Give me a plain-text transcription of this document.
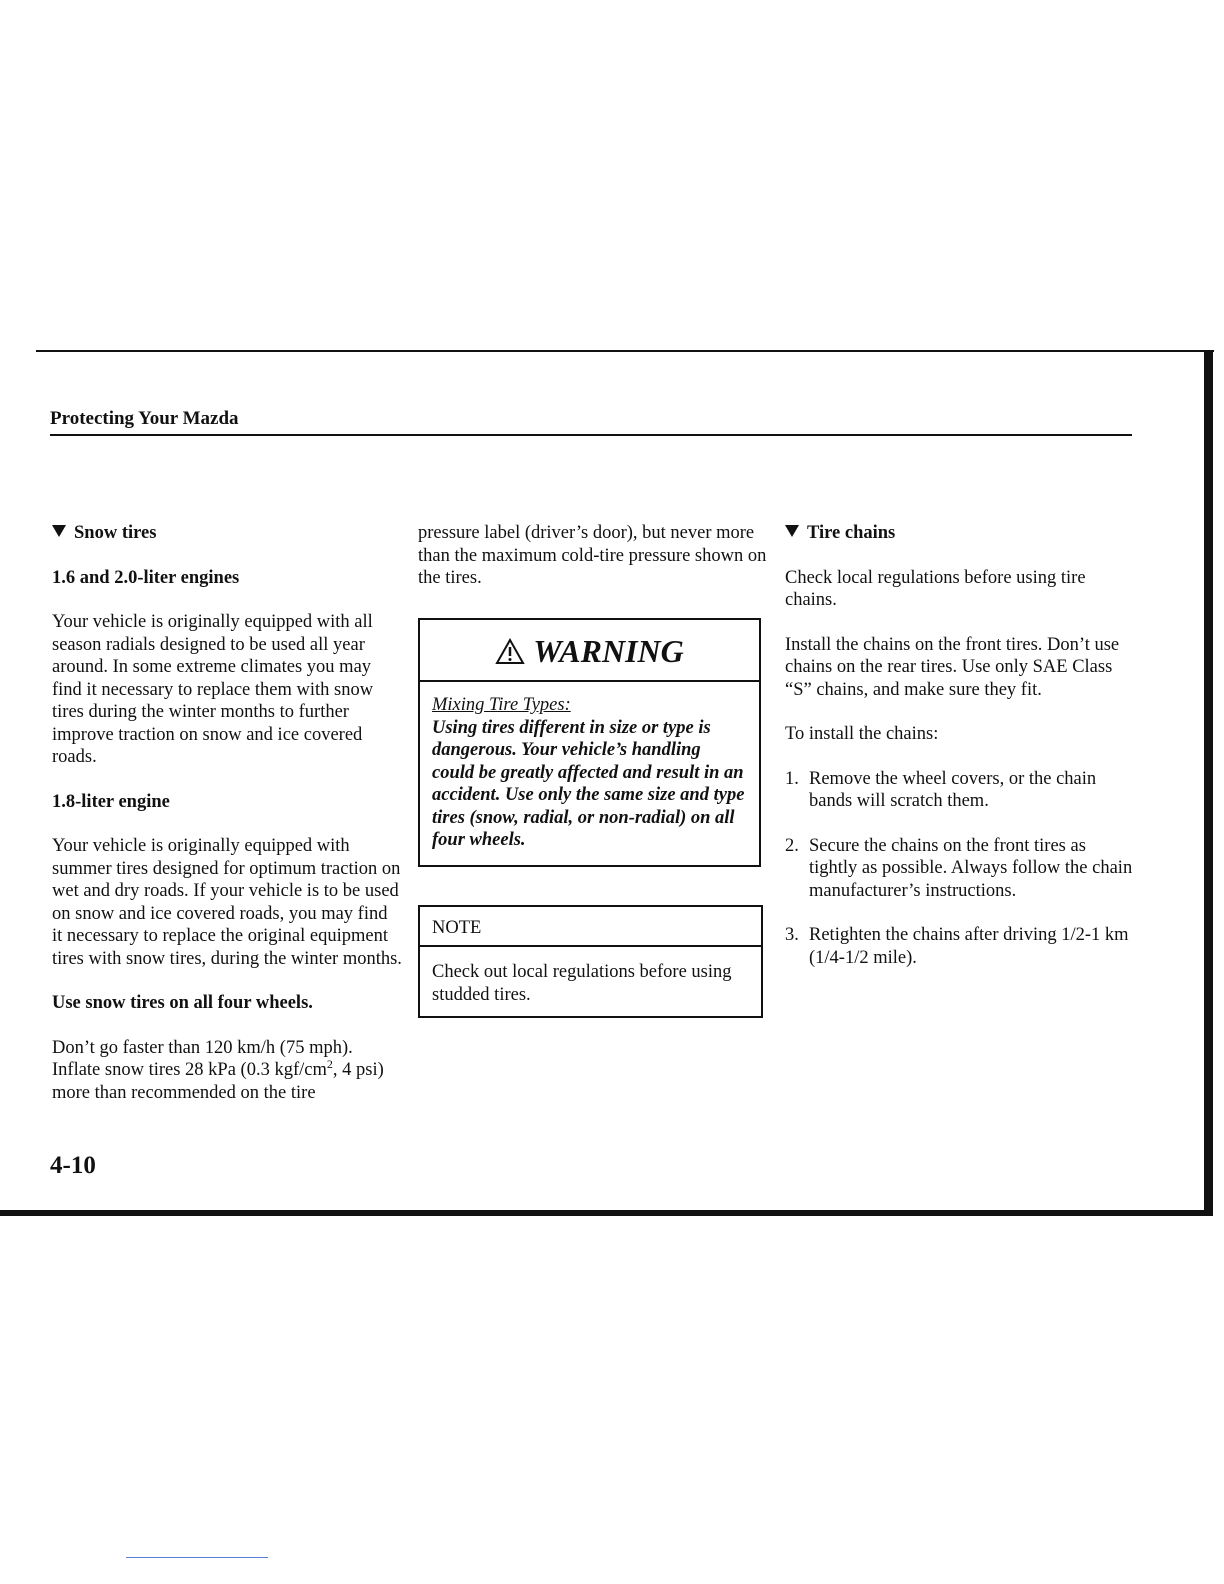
Protecting Your Mazda
Snow tires
1.6 and 2.0-liter engines

Your vehicle is originally equipped with all season radials designed to be used all year around. In some extreme climates you may find it necessary to replace them with snow tires during the winter months to further improve traction on snow and ice covered roads.

1.8-liter engine

Your vehicle is originally equipped with summer tires designed for optimum traction on wet and dry roads. If your vehicle is to be used on snow and ice covered roads, you may find it necessary to replace the original equipment tires with snow tires, during the winter months.

Use snow tires on all four wheels.

Don’t go faster than 120 km/h (75 mph). Inflate snow tires 28 kPa (0.3 kgf/$cm^2$, 4 psi) more than recommended on the tire

pressure label (driver’s door), but never more than the maximum cold-tire pressure shown on the tires.

WARNING

Mixing Tire Types:

Using tires different in size or type is dangerous. Your vehicle’s handling could be greatly affected and result in an accident. Use only the same size and type tires (snow, radial, or non-radial) on all four wheels.
NOTE
Check out local regulations before using studded tires.
Tire chains

Check local regulations before using tire chains.

Install the chains on the front tires. Don’t use chains on the rear tires. Use only SAE Class “S” chains, and make sure they fit.

To install the chains:

1. Remove the wheel covers, or the chain bands will scratch them.
2. Secure the chains on the front tires as tightly as possible. Always follow the chain manufacturer’s instructions.
3. Retighten the chains after driving 1/2-1 km (1/4-1/2 mile).
4-10
